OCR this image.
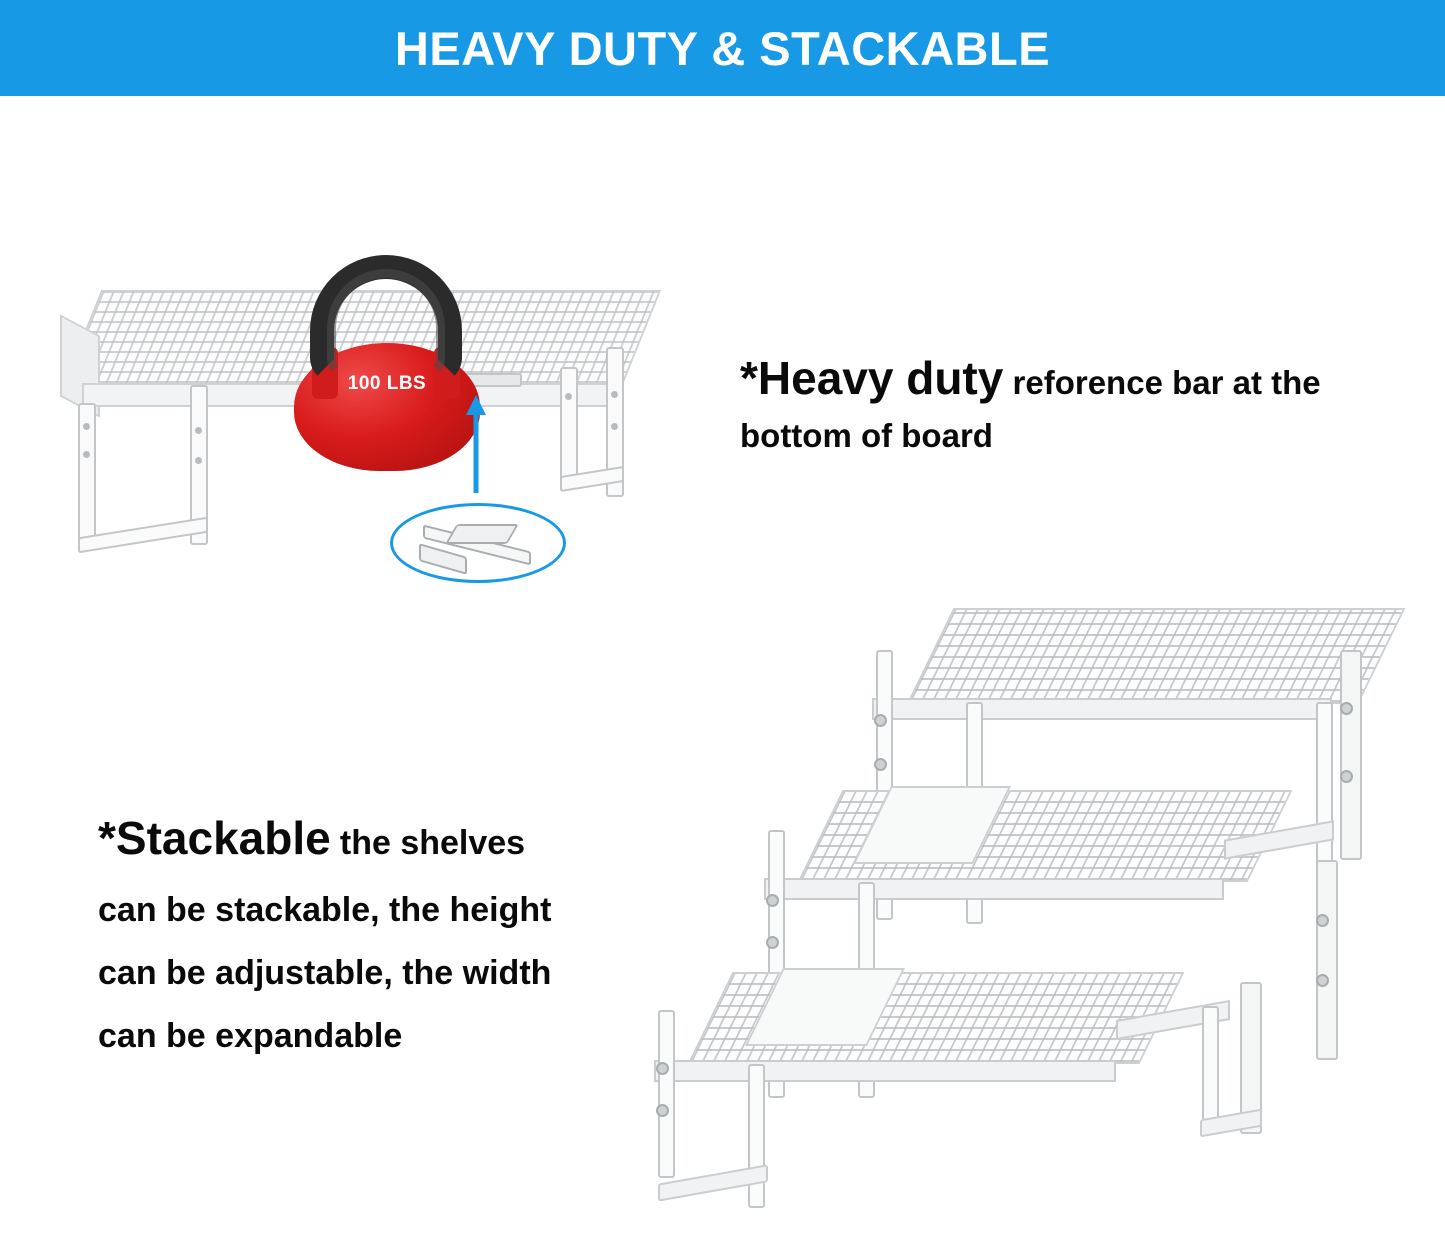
HEAVY DUTY & STACKABLE
100 LBS	*Heavy duty reforence bar at the bottom of board
*Stackable the shelves
can be stackable, the height
can be adjustable, the width
can be expandable
